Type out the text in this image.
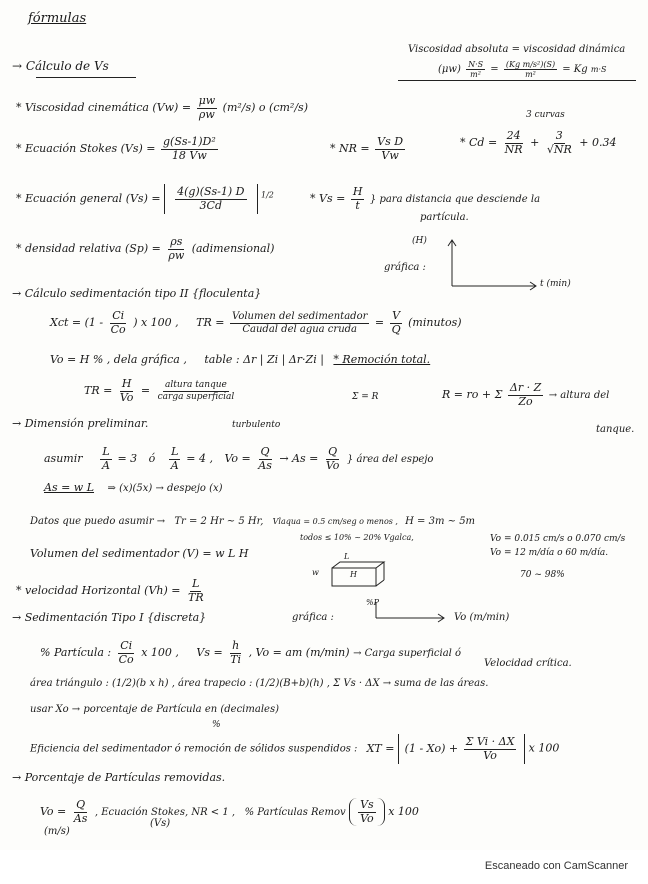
fórmulas
Viscosidad absoluta = viscosidad dinámica
$(\mu w) \frac{N\cdot S}{\text{m²}} = \frac{\text{(Kg m/s²)(S)}}{\text{m²}} = Kg$ m·S
→ Cálculo de Vs
* Viscosidad cinemática $(Vw) = \frac{\mu w}{\rho w} (m^2/s)$ o (cm²/s)
* Ecuación Stokes $(Vs) = \frac{\text{g(Ss-1)D²}}{18 Vw}$	* NR = $\frac{\text{Vs D}}{Vw}$
3 curvas
* $Cd = \frac{24}{NR} + \frac{3}{√NR} + 0.34$
* Ecuación general $(Vs) = \frac{4(g)(Ss-1) D}{3Cd} ^{1/2}$	* $Vs = \frac{H}{t}$ } para distancia que desciende la
partícula.
* densidad relativa $(Sp) = \frac{\rho s}{\rho w}$ (adimensional)
(H)
gráfica :
t (min)
→ Cálculo sedimentación tipo II {floculenta}
Xct = ($1 - \frac{Ci}{Co}$ ) x 100 , TR = $\frac{\text{Volumen del sedimentador}}{\text{Caudal del agua cruda}} = \frac{V}{Q}$ (minutos)
Vo = H % , dela gráfica , table : Δr | Zi | Δr·Zi | * Remoción total.
TR = $\frac{H}{Vo} = \frac{\text{altura tanque}}{\text{carga superficial}}$	Σ = R	R = ro + Σ $\frac{\Delta r \cdot Z}{Zo}$ → altura del
tanque.
→ Dimensión preliminar.	turbulento
asumir $\frac{L}{A} = 3$ ó $\frac{L}{A} = 4$ , $Vo = \frac{Q}{As} \to As = \frac{Q}{Vo}$ } área del espejo
As = w L ⇒ (x)(5x) → despejo (x)
Datos que puedo asumir → Tr = 2 Hr ~ 5 Hr, Vlaqua = 0.5 cm/seg o menos , H = 3m ~ 5m
todos ≤ 10% ~ 20% Vgalca,	Vo = 0.015 cm/s o 0.070 cm/s
Vo = 12 m/día o 60 m/día.
Volumen del sedimentador (V) = w L H
w
L
H	70 ~ 98%
* velocidad Horizontal $(Vh) = \frac{L}{TR}$
→ Sedimentación Tipo I {discreta}	gráfica :
%P
Vo (m/min)
% Partícula : $\frac{Ci}{Co}$ x 100 , $Vs = \frac{h}{Ti}$ , Vo = am (m/min) → Carga superficial ó
Velocidad crítica.
área triángulo : (1/2)(b x h) , área trapecio : (1/2)(B+b)(h) , Σ Vs · ΔX → suma de las áreas.
usar Xo → porcentaje de Partícula en (decimales)
%
Eficiencia del sedimentador ó remoción de sólidos suspendidos : XT = $(1 - Xo) + \frac{\text{Σ Vi · ΔX}}{Vo}$ x 100
→ Porcentaje de Partículas removidas.
$Vo = \frac{Q}{As}$ , Ecuación Stokes, NR < 1 , % Partículas Remov $\frac{Vs}{Vo}$ x 100
(m/s)
(Vs)
Escaneado con CamScanner
